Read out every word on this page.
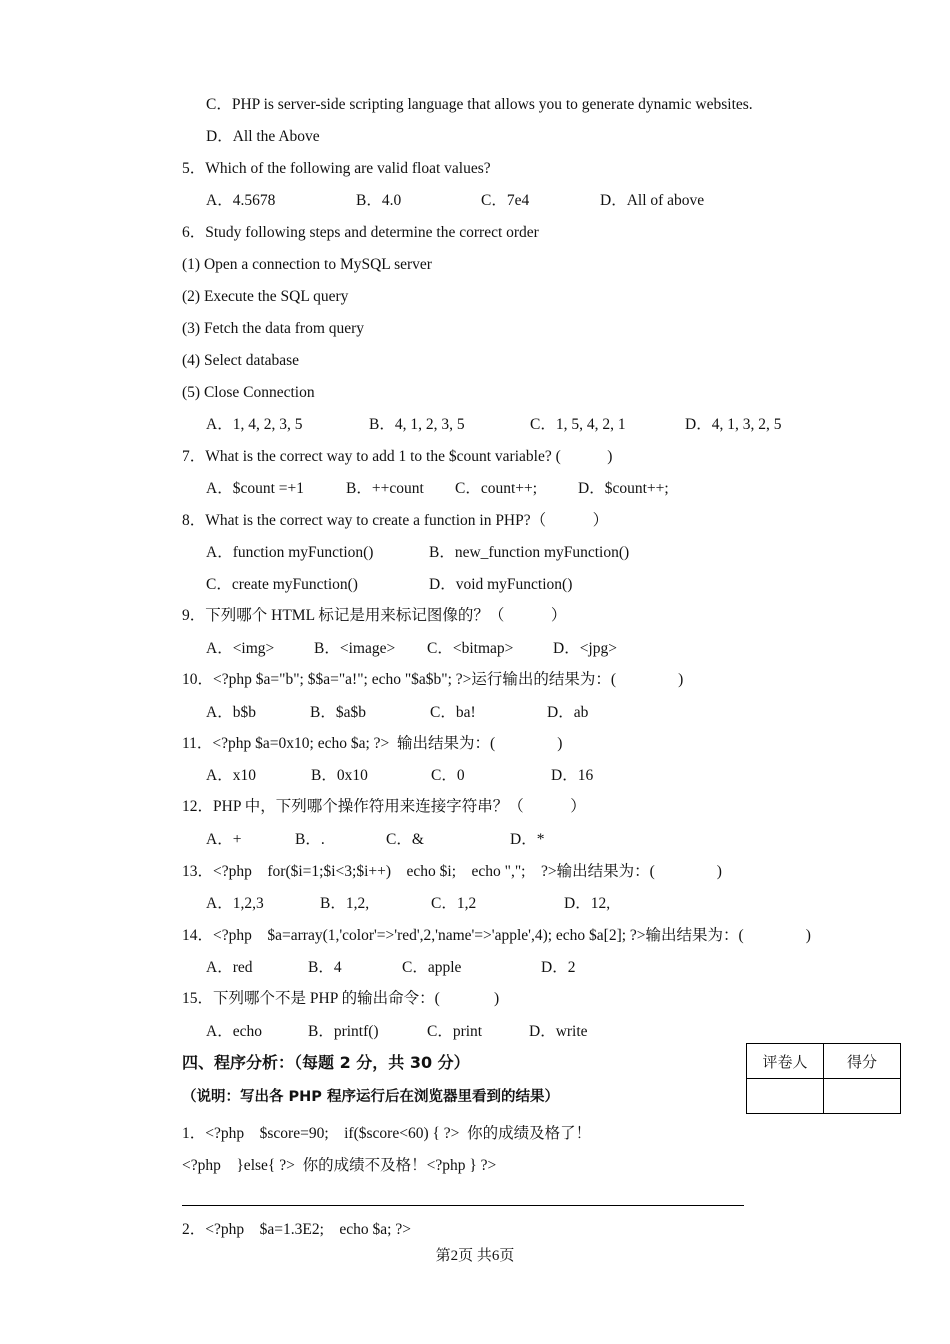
C．PHP is server-side scripting language that allows you to generate dynamic websites.
D．All the Above
5．Which of the following are valid float values?
A．4.5678	B．4.0	C．7e4	D．All of above
6．Study following steps and determine the correct order
(1) Open a connection to MySQL server
(2) Execute the SQL query
(3) Fetch the data from query
(4) Select database
(5) Close Connection
A．1, 4, 2, 3, 5	B．4, 1, 2, 3, 5	C．1, 5, 4, 2, 1	D．4, 1, 3, 2, 5
7．What is the correct way to add 1 to the $count variable? (            )
A．$count =+1	B．++count C．count++;	D．$count++;
8．What is the correct way to create a function in PHP?（            ）
A．function myFunction()	B．new_function myFunction()
C．create myFunction()	D．void myFunction()
9．下列哪个 HTML 标记是用来标记图像的？（            ）
A．<img>	B．<image> C．<bitmap>	D．<jpg>
10．<?php $a="b"; $$a="a!"; echo "$a$b"; ?>运行输出的结果为：(                )
A．b$b	B．$a$b	C．ba!	D．ab
11．<?php $a=0x10; echo $a; ?>  输出结果为：(                )
A．x10	B．0x10	C．0	D．16
12．PHP 中，下列哪个操作符用来连接字符串？（            ）
A．+	B．.	C．&	D．*
13．<?php    for($i=1;$i<3;$i++)    echo $i;    echo ",";    ?>输出结果为：(                )
A．1,2,3	B．1,2,	C．1,2	D．12,
14．<?php    $a=array(1,'color'=>'red',2,'name'=>'apple',4); echo $a[2]; ?>输出结果为：(                )
A．red	B．4	C．apple	D．2
15．下列哪个不是 PHP 的输出命令：(              )
A．echo	B．printf()	C．print	D．write
四、程序分析：（每题 2 分，共 30 分）
（说明：写出各 PHP 程序运行后在浏览器里看到的结果）
评卷人	得分

1．<?php    $score=90;    if($score<60) { ?>  你的成绩及格了！
<?php    }else{ ?>  你的成绩不及格！<?php } ?>
2．<?php    $a=1.3E2;    echo $a; ?>
第2页 共6页
